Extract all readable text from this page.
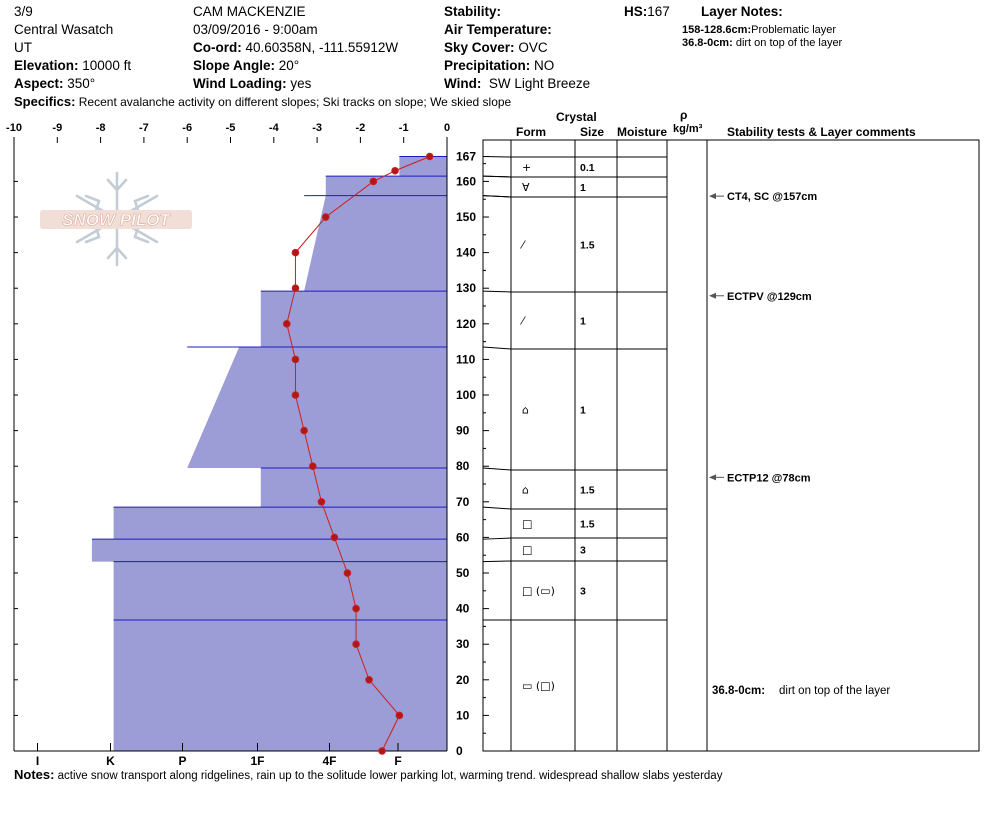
3/9
Central Wasatch
UT
Elevation: 10000 ft
Aspect: 350°
CAM MACKENZIE
03/09/2016 - 9:00am
Co-ord: 40.60358N, -111.55912W
Slope Angle: 20°
Wind Loading: yes
Stability:
Air Temperature:
Sky Cover: OVC
Precipitation: NO
Wind: SW Light Breeze
HS:167 Layer Notes:
158-128.6cm:Problematic layer
36.8-0cm: dirt on top of the layer
Specifics: Recent avalanche activity on different slopes; Ski tracks on slope; We skied slope
Crystal
Form	Size Moisture
ρ
kg/m³ Stability tests & Layer comments
Notes: active snow transport along ridgelines, rain up to the solitude lower parking lot, warming trend. widespread shallow slabs yesterday
SNOW PILOT
-10	-9	-8	-7	-6	-5	-4	-3	-2	-1	0
I	K	P	1F	4F	F
0
10
20
30
40
50
60
70
80
90
100
110
120
130
140
150
160
167
+	0.1
∀	1
⁄	1.5
⁄	1
⌂	1
⌂	1.5
□	1.5
□	3
□ (▭) 3
▭ (□)
CT4, SC @157cm
ECTPV @129cm
ECTP12 @78cm
36.8-0cm: dirt on top of the layer
